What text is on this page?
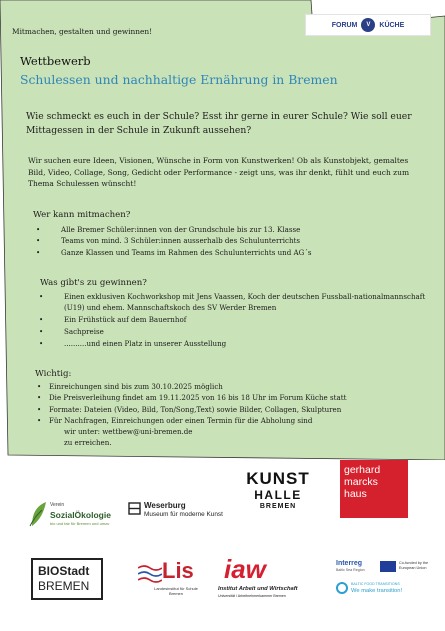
Mitmachen, gestalten und gewinnen!
FORUM	V	KÜCHE
Wettbewerb
Schulessen und nachhaltige Ernährung in Bremen
Wie schmeckt es euch in der Schule? Esst ihr gerne in eurer Schule? Wie soll euer Mittagessen in der Schule in Zukunft aussehen?
Wir suchen eure Ideen, Visionen, Wünsche in Form von Kunstwerken! Ob als Kunstobjekt, gemaltes Bild, Video, Collage, Song, Gedicht oder Performance - zeigt uns, was ihr denkt, fühlt und euch zum Thema Schulessen wünscht!
Wer kann mitmachen?
• Alle Bremer Schüler:innen von der Grundschule bis zur 13. Klasse
• Teams von mind. 3 Schüler:innen ausserhalb des Schulunterrichts
• Ganze Klassen und Teams im Rahmen des Schulunterrichts und AG´s
Was gibt's zu gewinnen?
• Einen exklusiven Kochworkshop mit Jens Vaassen, Koch der deutschen Fussball-nationalmannschaft (U19) und ehem. Mannschaftskoch des SV Werder Bremen
• Ein Frühstück auf dem Bauernhof
• Sachpreise
• ..........und einen Platz in unserer Ausstellung
Wichtig:
• Einreichungen sind bis zum 30.10.2025 möglich
• Die Preisverleihung findet am 19.11.2025 von 16 bis 18 Uhr im Forum Küche statt
• Formate: Dateien (Video, Bild, Ton/Song,Text) sowie Bilder, Collagen, Skulpturen
• Für Nachfragen, Einreichungen oder einen Termin für die Abholung sind
wir unter: wettbew@uni-bremen.de
zu erreichen.
KUNST
HALLE
BREMEN
gerhard
marcks
haus
Verein
SozialÖkologie
bio und fair für Bremen und umzu
Weserburg
Museum für moderne Kunst
BIOStadt
BREMEN
Lis
Landesinstitut für Schule Bremen
iaw
Institut Arbeit und Wirtschaft
Universität / Arbeitnehmerkammer Bremen
Interreg
Baltic Sea Region
Co-funded by the European Union
BALTIC FOOD TRANSITIONS
We make transition!
